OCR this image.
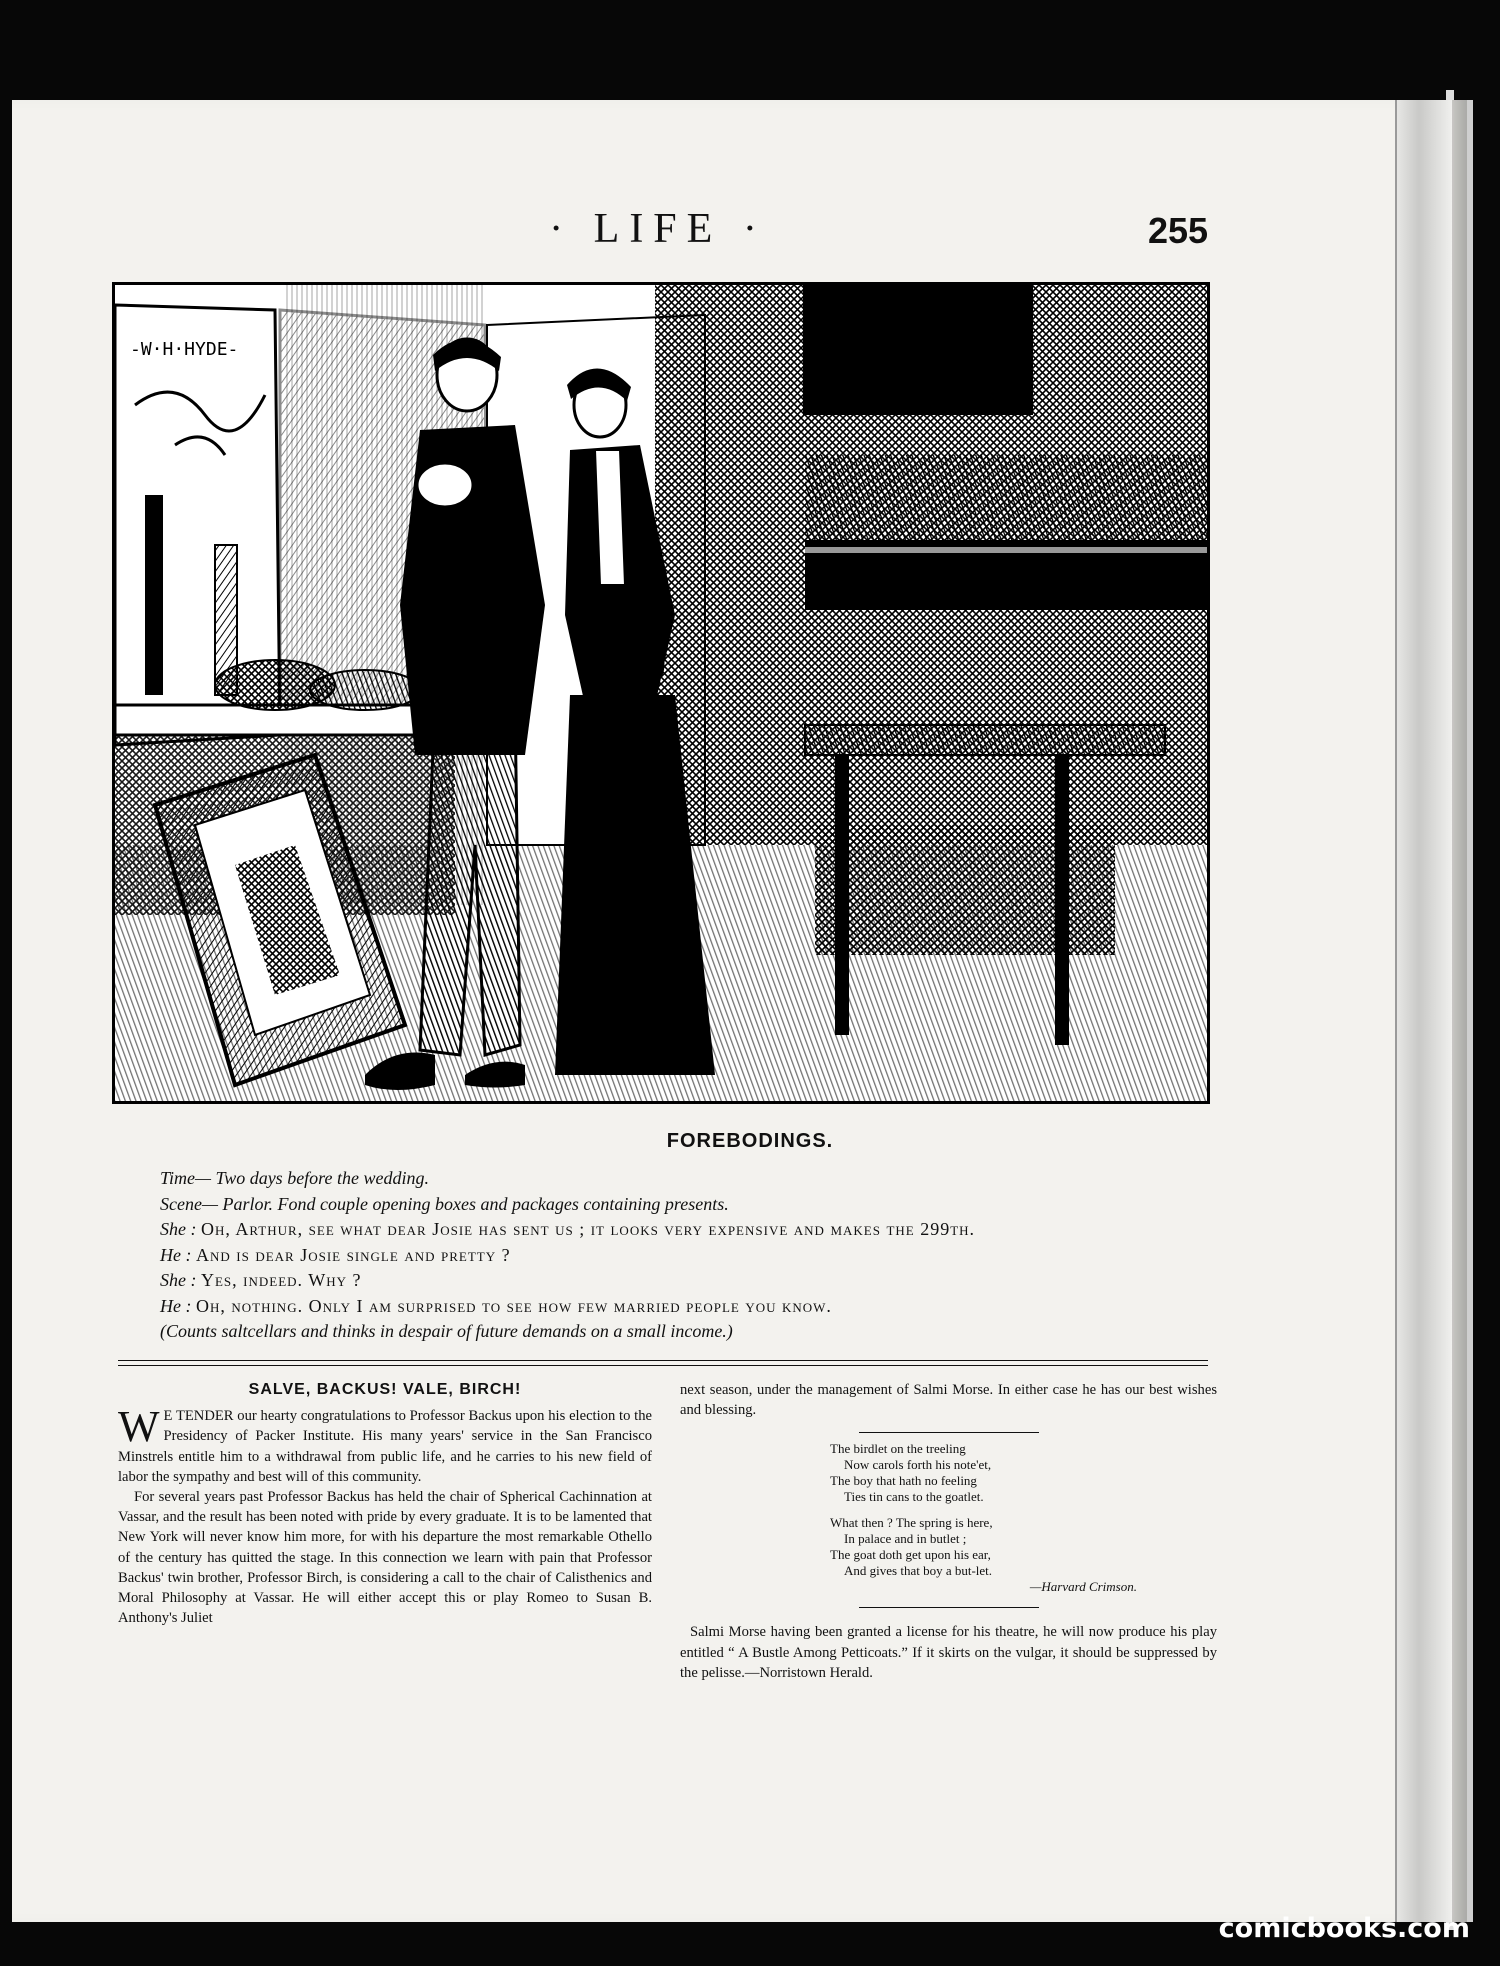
· LIFE ·	255
-W·H·HYDE-
FOREBODINGS.
Time— Two days before the wedding.
Scene— Parlor. Fond couple opening boxes and packages containing presents.
She : Oh, Arthur, see what dear Josie has sent us ; it looks very expensive and makes the 299th.
He : And is dear Josie single and pretty ?
She : Yes, indeed. Why ?
He : Oh, nothing. Only I am surprised to see how few married people you know.
(Counts saltcellars and thinks in despair of future demands on a small income.)
SALVE, BACKUS! VALE, BIRCH!

W E TENDER our hearty congratulations to Professor Backus upon his election to the Presidency of Packer Institute. His many years' service in the San Francisco Minstrels entitle him to a withdrawal from public life, and he carries to his new field of labor the sympathy and best will of this community.

For several years past Professor Backus has held the chair of Spherical Cachinnation at Vassar, and the result has been noted with pride by every graduate. It is to be lamented that New York will never know him more, for with his departure the most remarkable Othello of the century has quitted the stage. In this connection we learn with pain that Professor Backus' twin brother, Professor Birch, is considering a call to the chair of Calisthenics and Moral Philosophy at Vassar. He will either accept this or play Romeo to Susan B. Anthony's Juliet

next season, under the management of Salmi Morse. In either case he has our best wishes and blessing.

The birdlet on the treeling
Now carols forth his note'et,
The boy that hath no feeling
Ties tin cans to the goatlet.
What then ? The spring is here,
In palace and in butlet ;
The goat doth get upon his ear,
And gives that boy a but-let.
—Harvard Crimson.

Salmi Morse having been granted a license for his theatre, he will now produce his play entitled “ A Bustle Among Petticoats.” If it skirts on the vulgar, it should be suppressed by the pelisse.—Norristown Herald.

comicbooks.com
